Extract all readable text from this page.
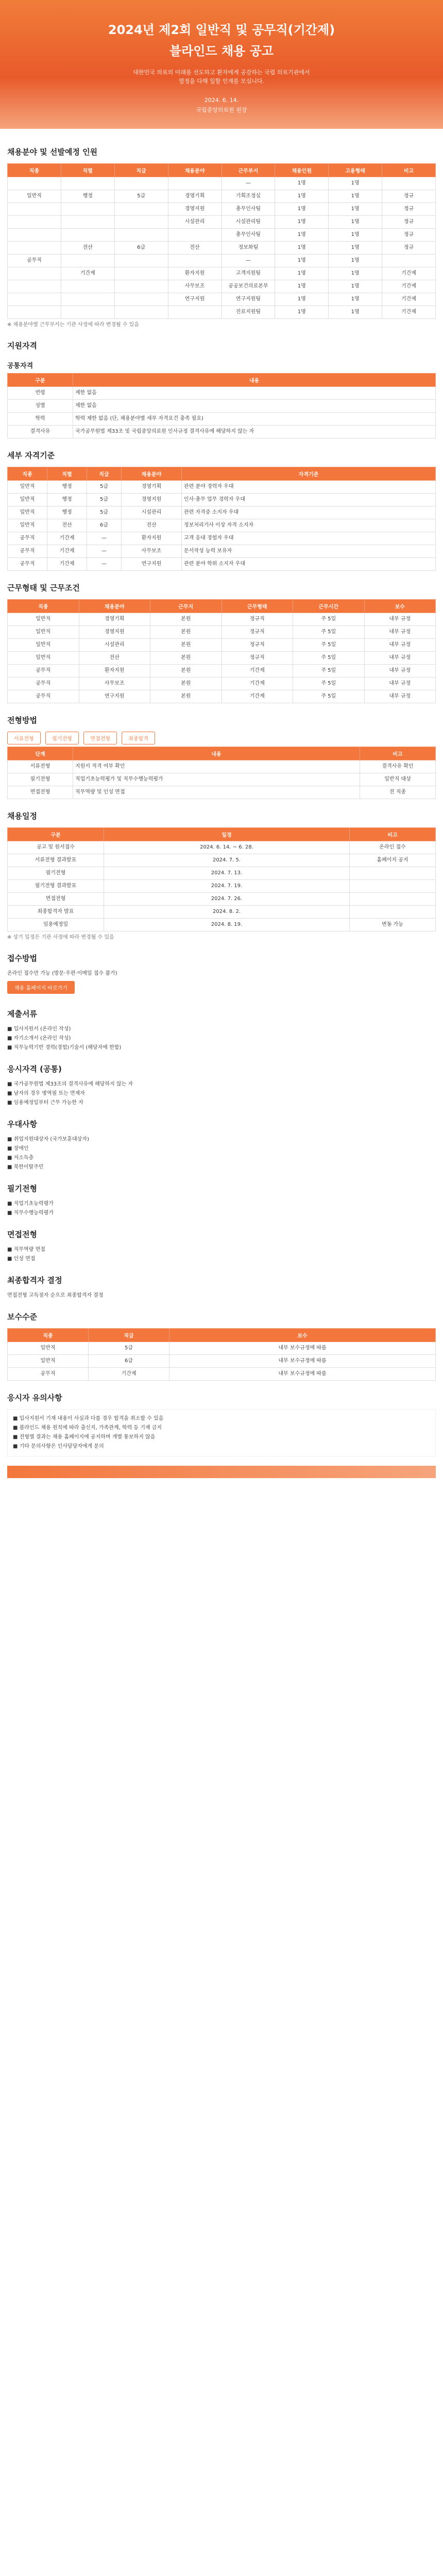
2024년 제2회 일반직 및 공무직(기간제)
블라인드 채용 공고
대한민국 의료의 미래를 선도하고 환자에게 공감하는 국립 의료기관에서
열정을 다해 일할 인재를 모십니다.
2024. 6. 14.
국립중앙의료원 원장
채용분야 및 선발예정 인원
직종	직렬	직급	채용분야	근무부서	채용인원	고용형태	비고
				—	1명	1명	
일반직	행정	5급	경영기획	기획조정실	1명	1명	정규
			경영지원	총무인사팀	1명	1명	정규
			시설관리	시설관리팀	1명	1명	정규
				총무인사팀	1명	1명	정규
	전산	6급	전산	정보화팀	1명	1명	정규
공무직				—	1명	1명	
	기간제		환자지원	고객지원팀	1명	1명	기간제
			사무보조	공공보건의료본부	1명	1명	기간제
			연구지원	연구지원팀	1명	1명	기간제
				진료지원팀	1명	1명	기간제
※ 채용분야별 근무부서는 기관 사정에 따라 변경될 수 있음
지원자격
공통자격
구분	내용
연령	제한 없음
성별	제한 없음
학력	학력 제한 없음 (단, 채용분야별 세부 자격요건 충족 필요)
결격사유	국가공무원법 제33조 및 국립중앙의료원 인사규정 결격사유에 해당하지 않는 자
세부 자격기준
직종	직렬	직급	채용분야	자격기준
일반직	행정	5급	경영기획	관련 분야 경력자 우대
일반직	행정	5급	경영지원	인사·총무 업무 경력자 우대
일반직	행정	5급	시설관리	관련 자격증 소지자 우대
일반직	전산	6급	전산	정보처리기사 이상 자격 소지자
공무직	기간제	—	환자지원	고객 응대 경험자 우대
공무직	기간제	—	사무보조	문서작성 능력 보유자
공무직	기간제	—	연구지원	관련 분야 학위 소지자 우대
근무형태 및 근무조건
직종	채용분야	근무지	근무형태	근무시간	보수
일반직	경영기획	본원	정규직	주 5일	내부 규정
일반직	경영지원	본원	정규직	주 5일	내부 규정
일반직	시설관리	본원	정규직	주 5일	내부 규정
일반직	전산	본원	정규직	주 5일	내부 규정
공무직	환자지원	본원	기간제	주 5일	내부 규정
공무직	사무보조	본원	기간제	주 5일	내부 규정
공무직	연구지원	본원	기간제	주 5일	내부 규정
전형방법
서류전형	필기전형	면접전형	최종합격
단계	내용	비고
서류전형	지원서 적격 여부 확인	결격사유 확인
필기전형	직업기초능력평가 및 직무수행능력평가	일반직 대상
면접전형	직무역량 및 인성 면접	전 직종
채용일정
구분	일정	비고
공고 및 원서접수	2024. 6. 14. ~ 6. 28.	온라인 접수
서류전형 결과발표	2024. 7. 5.	홈페이지 공지
필기전형	2024. 7. 13.	
필기전형 결과발표	2024. 7. 19.	
면접전형	2024. 7. 26.	
최종합격자 발표	2024. 8. 2.	
임용예정일	2024. 8. 19.	변동 가능
※ 상기 일정은 기관 사정에 따라 변경될 수 있음
접수방법
온라인 접수만 가능 (방문·우편·이메일 접수 불가)
채용 홈페이지 바로가기
제출서류
■ 입사지원서 (온라인 작성)
■ 자기소개서 (온라인 작성)
■ 직무능력기반 경력(경험)기술서 (해당자에 한함)
응시자격 (공통)
■ 국가공무원법 제33조의 결격사유에 해당하지 않는 자
■ 남자의 경우 병역필 또는 면제자
■ 임용예정일부터 근무 가능한 자
우대사항
■ 취업지원대상자 (국가보훈대상자)
■ 장애인
■ 저소득층
■ 북한이탈주민
필기전형
■ 직업기초능력평가
■ 직무수행능력평가
면접전형
■ 직무역량 면접
■ 인성 면접
최종합격자 결정
면접전형 고득점자 순으로 최종합격자 결정
보수수준
직종	직급	보수
일반직	5급	내부 보수규정에 따름
일반직	6급	내부 보수규정에 따름
공무직	기간제	내부 보수규정에 따름
응시자 유의사항
■ 입사지원서 기재 내용이 사실과 다를 경우 합격을 취소할 수 있음
■ 블라인드 채용 원칙에 따라 출신지, 가족관계, 학력 등 기재 금지
■ 전형별 결과는 채용 홈페이지에 공지하며 개별 통보하지 않음
■ 기타 문의사항은 인사담당자에게 문의
